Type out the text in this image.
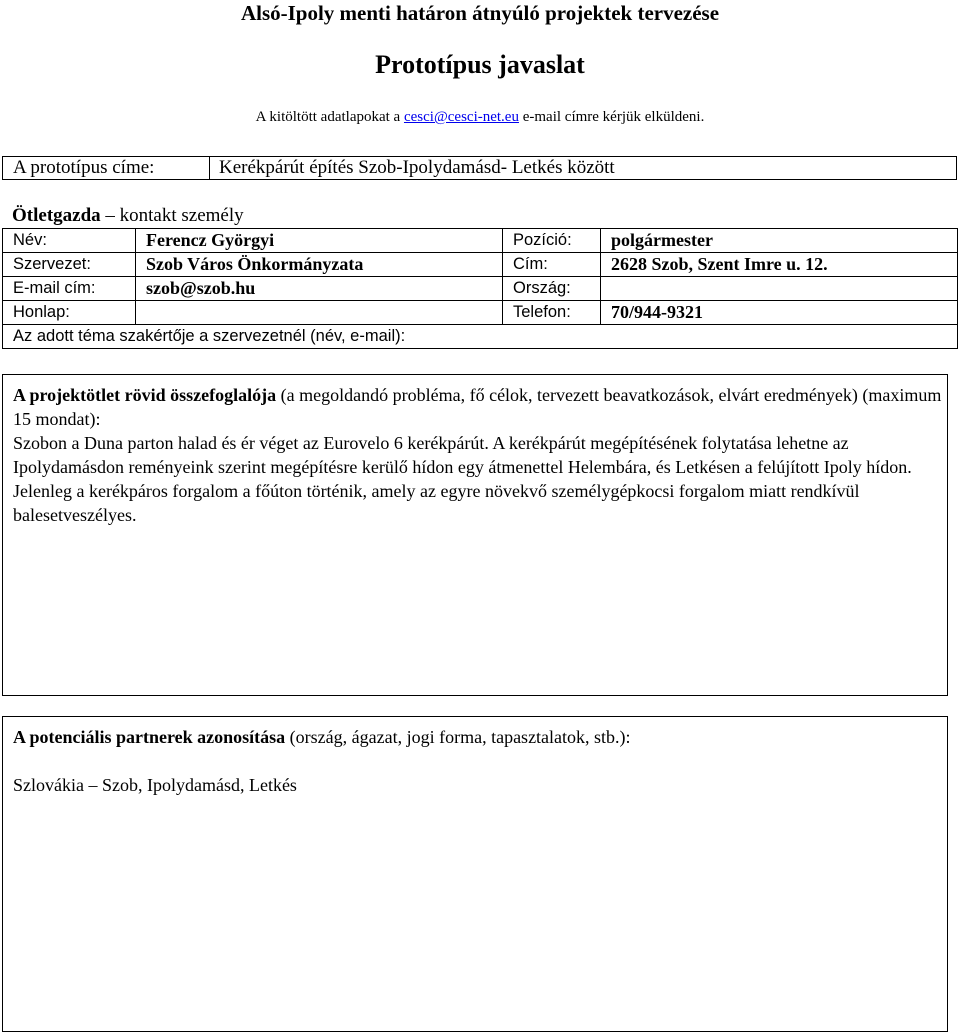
Alsó-Ipoly menti határon átnyúló projektek tervezése
Prototípus javaslat
A kitöltött adatlapokat a cesci@cesci-net.eu e-mail címre kérjük elküldeni.
A prototípus címe:	Kerékpárút építés Szob-Ipolydamásd- Letkés között
Ötletgazda – kontakt személy
Név:	Ferencz Györgyi	Pozíció:	polgármester
Szervezet:	Szob Város Önkormányzata	Cím:	2628 Szob, Szent Imre u. 12.
E-mail cím:	szob@szob.hu	Ország:	
Honlap:		Telefon:	70/944-9321
Az adott téma szakértője a szervezetnél (név, e-mail):			

A projektötlet rövid összefoglalója (a megoldandó probléma, fő célok, tervezett beavatkozások, elvárt eredmények) (maximum 15 mondat):

Szobon a Duna parton halad és ér véget az Eurovelo 6 kerékpárút. A kerékpárút megépítésének folytatása lehetne az Ipolydamásdon reményeink szerint megépítésre kerülő hídon egy átmenettel Helembára, és Letkésen a felújított Ipoly hídon. Jelenleg a kerékpáros forgalom a főúton történik, amely az egyre növekvő személygépkocsi forgalom miatt rendkívül balesetveszélyes.

A potenciális partnerek azonosítása (ország, ágazat, jogi forma, tapasztalatok, stb.):

Szlovákia – Szob, Ipolydamásd, Letkés
